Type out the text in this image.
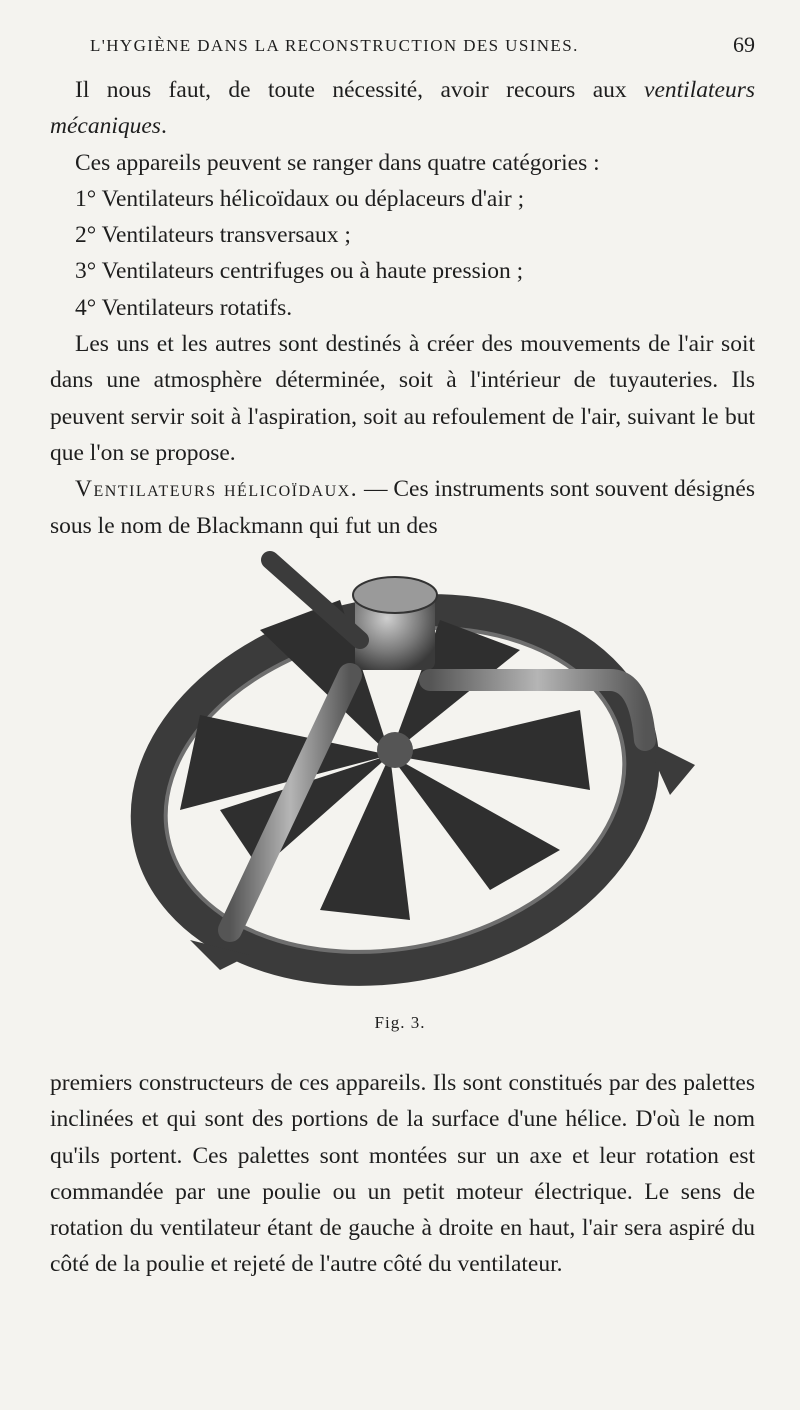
L'HYGIÈNE DANS LA RECONSTRUCTION DES USINES.	69

Il nous faut, de toute nécessité, avoir recours aux ventilateurs mécaniques.

Ces appareils peuvent se ranger dans quatre catégories :

1° Ventilateurs hélicoïdaux ou déplaceurs d'air ;

2° Ventilateurs transversaux ;

3° Ventilateurs centrifuges ou à haute pression ;

4° Ventilateurs rotatifs.

Les uns et les autres sont destinés à créer des mouvements de l'air soit dans une atmosphère déterminée, soit à l'intérieur de tuyauteries. Ils peuvent servir soit à l'aspiration, soit au refoulement de l'air, suivant le but que l'on se propose.

Ventilateurs hélicoïdaux. — Ces instruments sont souvent désignés sous le nom de Blackmann qui fut un des

Fig. 3.

premiers constructeurs de ces appareils. Ils sont constitués par des palettes inclinées et qui sont des portions de la surface d'une hélice. D'où le nom qu'ils portent. Ces palettes sont montées sur un axe et leur rotation est commandée par une poulie ou un petit moteur électrique. Le sens de rotation du ventilateur étant de gauche à droite en haut, l'air sera aspiré du côté de la poulie et rejeté de l'autre côté du ventilateur.
